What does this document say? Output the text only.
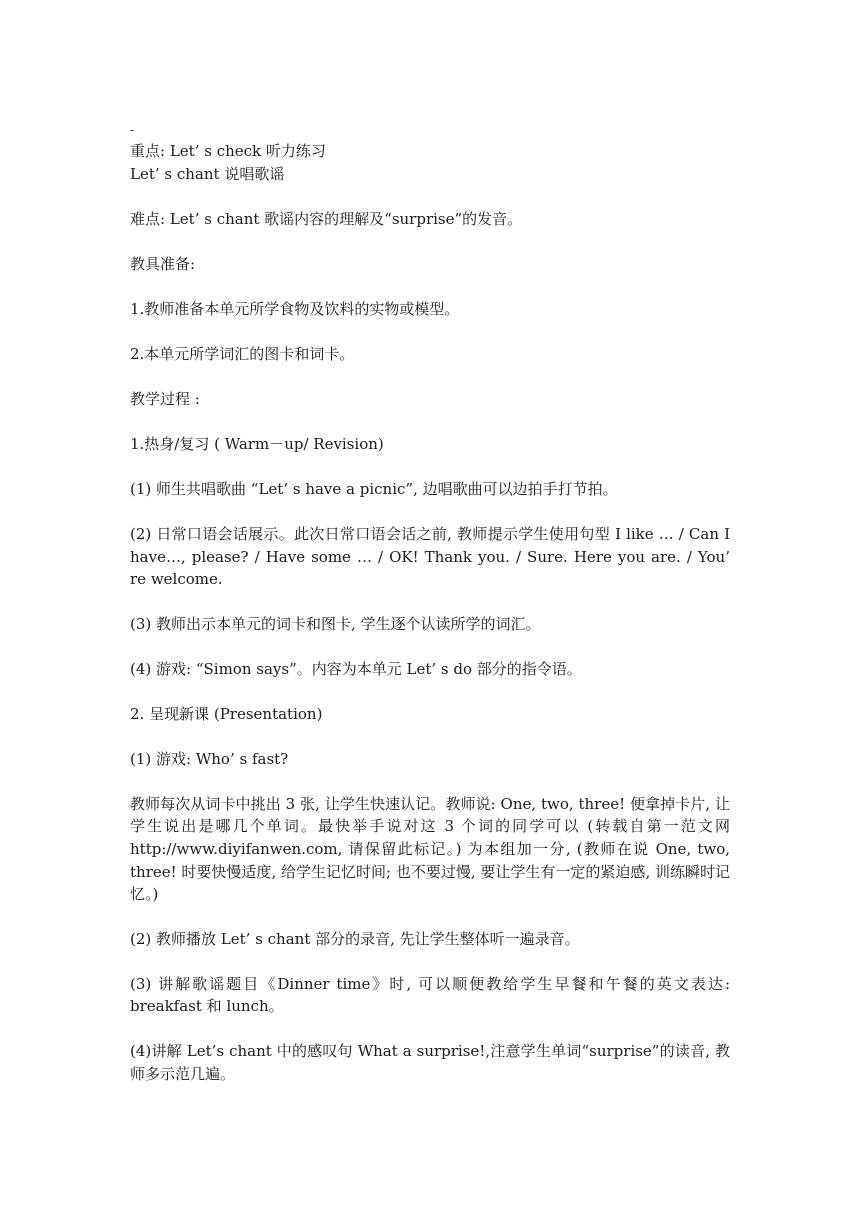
-
重点: Let’ s check 听力练习
Let’ s chant 说唱歌谣
难点: Let’ s chant 歌谣内容的理解及“surprise”的发音。
教具准备:
1.教师准备本单元所学食物及饮料的实物或模型。
2.本单元所学词汇的图卡和词卡。
教学过程 :
1.热身/复习 ( Warm－up/ Revision)
(1) 师生共唱歌曲 “Let’ s have a picnic”, 边唱歌曲可以边拍手打节拍。
(2) 日常口语会话展示。此次日常口语会话之前, 教师提示学生使用句型 I like … / Can I have…, please? / Have some … / OK! Thank you. / Sure. Here you are. / You’ re welcome.
(3) 教师出示本单元的词卡和图卡, 学生逐个认读所学的词汇。
(4) 游戏: “Simon says”。内容为本单元 Let’ s do 部分的指令语。
2. 呈现新课 (Presentation)
(1) 游戏: Who’ s fast?
教师每次从词卡中挑出 3 张, 让学生快速认记。教师说: One, two, three! 便拿掉卡片, 让学生说出是哪几个单词。最快举手说对这 3 个词的同学可以 (转载自第一范文网 http://www.diyifanwen.com, 请保留此标记。) 为本组加一分, (教师在说 One, two, three! 时要快慢适度, 给学生记忆时间; 也不要过慢, 要让学生有一定的紧迫感, 训练瞬时记忆。)
(2) 教师播放 Let’ s chant 部分的录音, 先让学生整体听一遍录音。
(3) 讲解歌谣题目《Dinner time》时, 可以顺便教给学生早餐和午餐的英文表达: breakfast 和 lunch。
(4)讲解 Let’s chant 中的感叹句 What a surprise!,注意学生单词“surprise”的读音, 教师多示范几遍。
